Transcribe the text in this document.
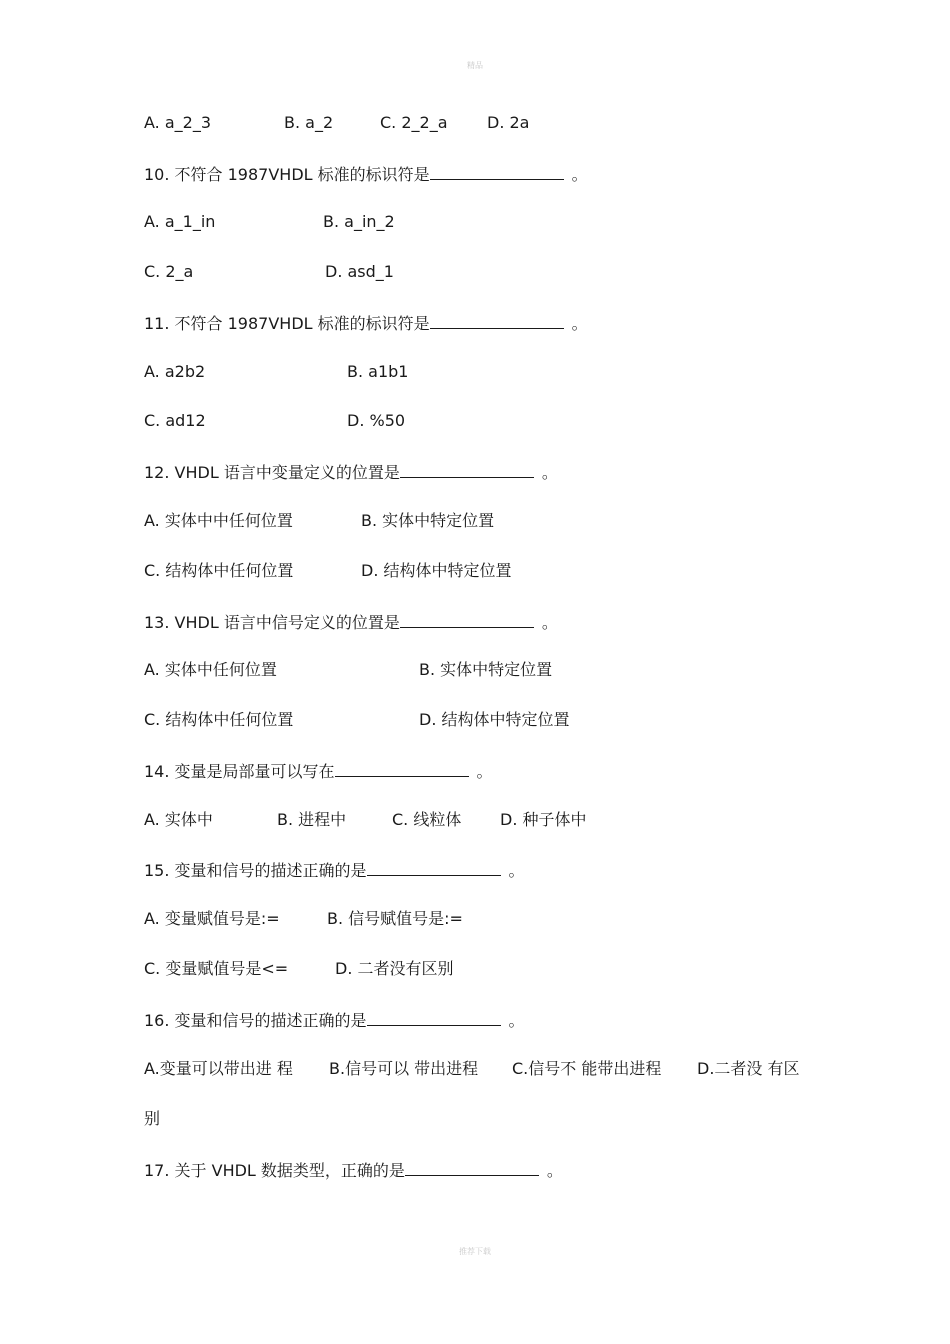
精品
A. a_2_3	B. a_2	C. 2_2_a D. 2a
10. 不符合 1987VHDL 标准的标识符是	。
A. a_1_in	B. a_in_2
C. 2_a	D. asd_1
11. 不符合 1987VHDL 标准的标识符是	。
A. a2b2	B. a1b1
C. ad12	D. %50
12. VHDL 语言中变量定义的位置是	。
A. 实体中中任何位置	B. 实体中特定位置
C. 结构体中任何位置	D. 结构体中特定位置
13. VHDL 语言中信号定义的位置是	。
A. 实体中任何位置	B. 实体中特定位置
C. 结构体中任何位置	D. 结构体中特定位置
14. 变量是局部量可以写在	。
A. 实体中	B. 进程中	C. 线粒体 D. 种子体中
15. 变量和信号的描述正确的是	。
A. 变量赋值号是:=	B. 信号赋值号是:=
C. 变量赋值号是<=	D. 二者没有区别
16. 变量和信号的描述正确的是	。
A.变量可以带出进 程 B.信号可以 带出进程 C.信号不 能带出进程 D.二者没 有区
别
17. 关于 VHDL 数据类型，正确的是	。
推荐下载
